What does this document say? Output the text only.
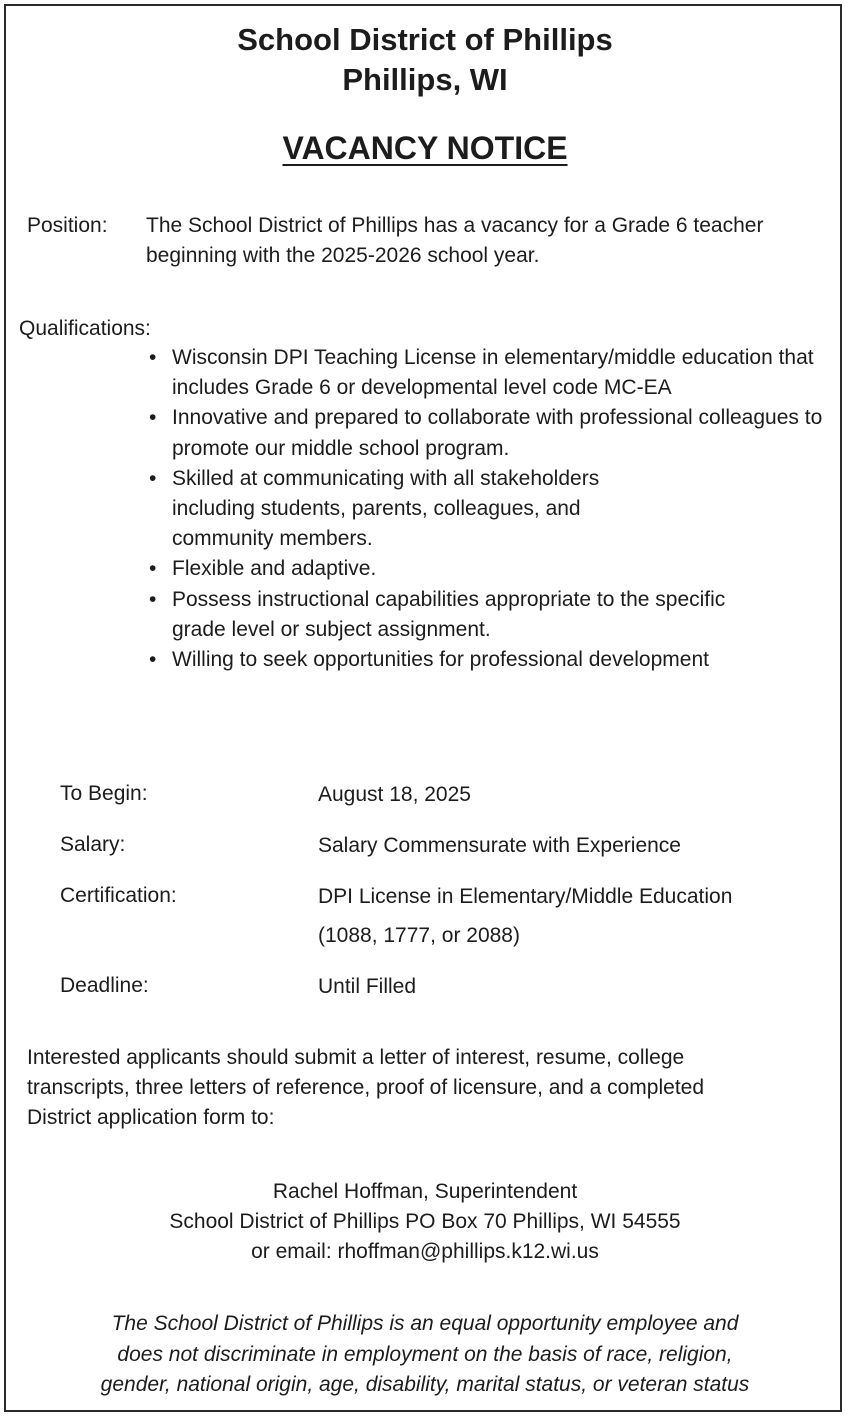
School District of Phillips
Phillips, WI
VACANCY NOTICE
Position: The School District of Phillips has a vacancy for a Grade 6 teacher
beginning with the 2025-2026 school year.
Qualifications:
• Wisconsin DPI Teaching License in elementary/middle education that includes Grade 6 or developmental level code MC-EA
• Innovative and prepared to collaborate with professional colleagues to promote our middle school program.
• Skilled at communicating with all stakeholders including students, parents, colleagues, and community members.
• Flexible and adaptive.
• Possess instructional capabilities appropriate to the specific grade level or subject assignment.
• Willing to seek opportunities for professional development
To Begin:	August 18, 2025
Salary:	Salary Commensurate with Experience
Certification:	DPI License in Elementary/Middle Education
(1088, 1777, or 2088)
Deadline:	Until Filled
Interested applicants should submit a letter of interest, resume, college
transcripts, three letters of reference, proof of licensure, and a completed
District application form to:
Rachel Hoffman, Superintendent
School District of Phillips PO Box 70 Phillips, WI 54555
or email: rhoffman@phillips.k12.wi.us
The School District of Phillips is an equal opportunity employee and
does not discriminate in employment on the basis of race, religion,
gender, national origin, age, disability, marital status, or veteran status
